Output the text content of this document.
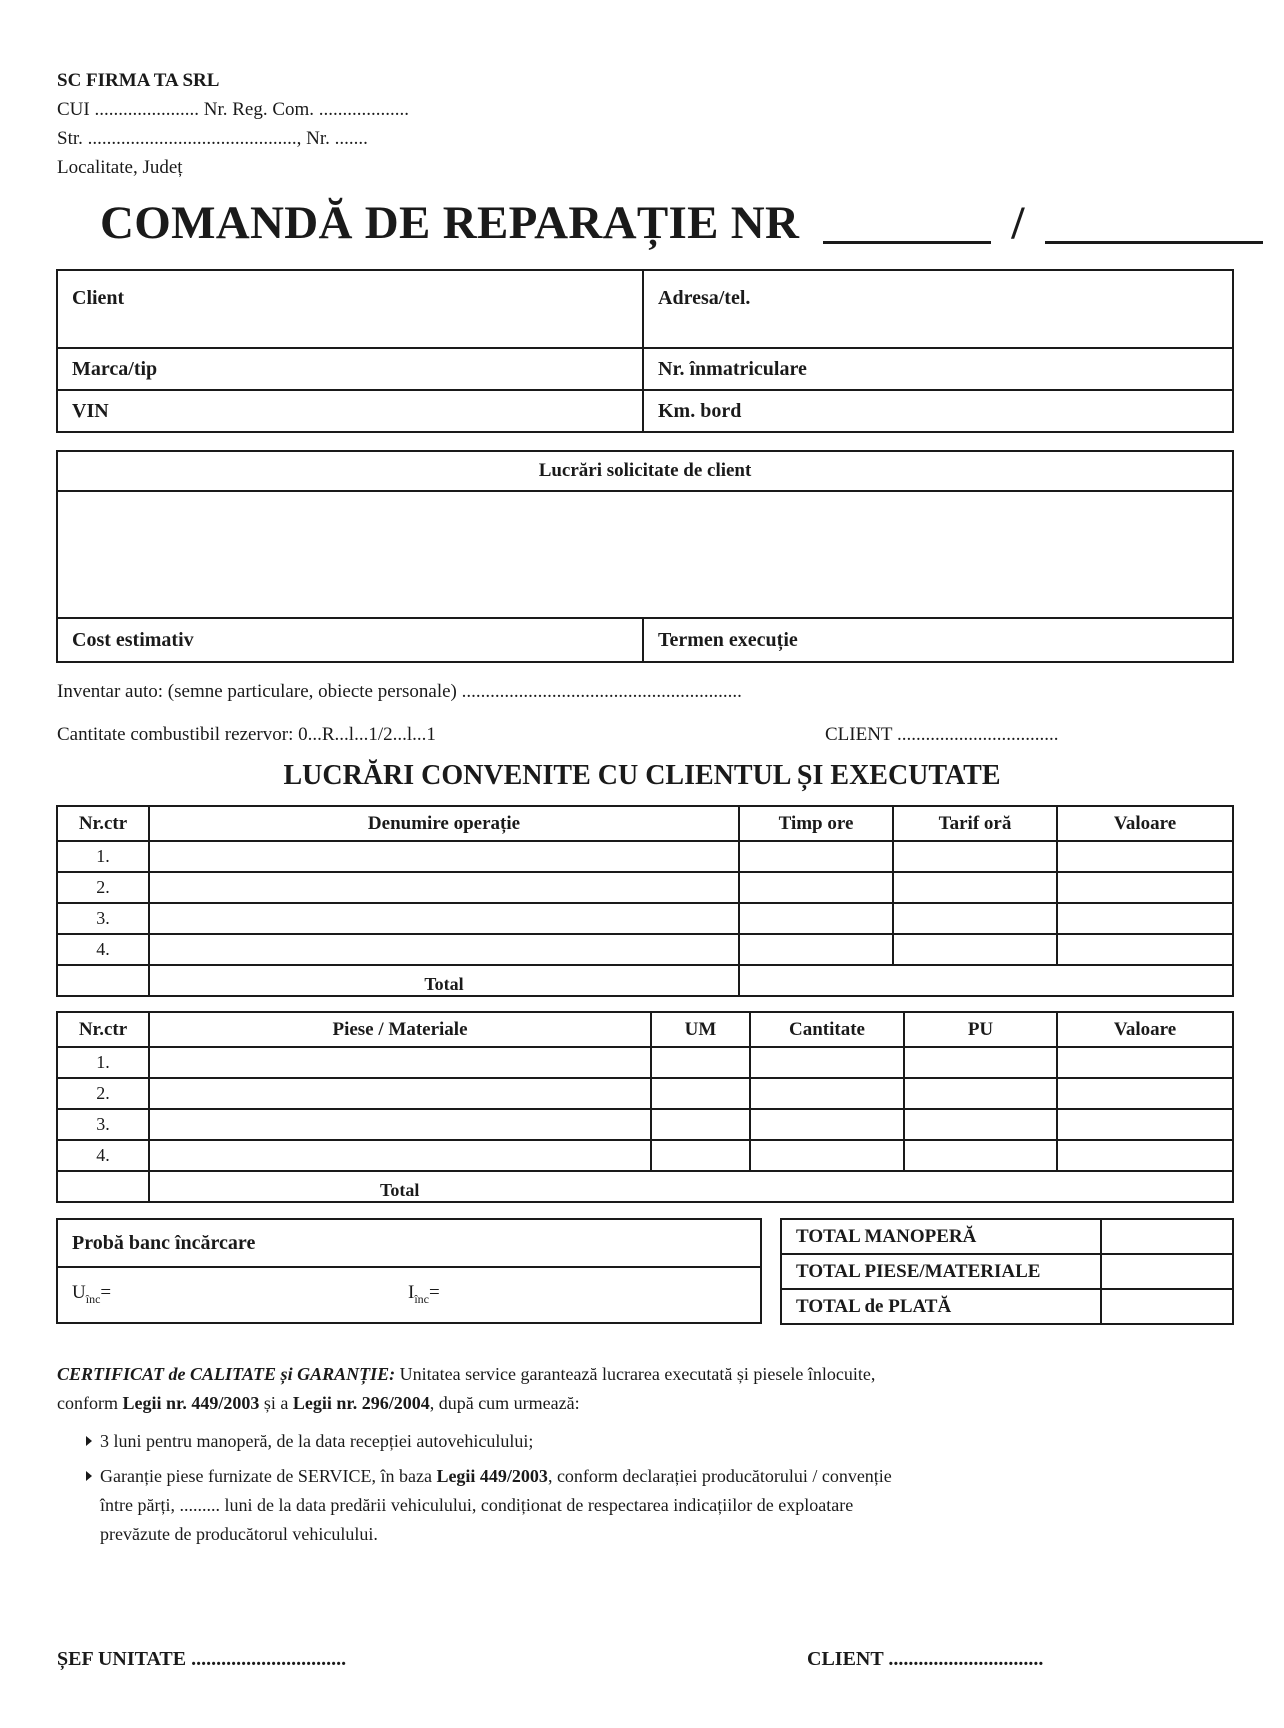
SC FIRMA TA SRL
CUI ...................... Nr. Reg. Com. ...................
Str. ............................................, Nr. .......
Localitate, Județ
COMANDĂ DE REPARAȚIE NR	/
Client	Adresa/tel.
Marca/tip	Nr. înmatriculare
VIN	Km. bord
Lucrări solicitate de client

Cost estimativ	Termen execuție
Inventar auto: (semne particulare, obiecte personale) ...........................................................
Cantitate combustibil rezervor: 0...R...l...1/2...l...1	CLIENT ..................................
LUCRĂRI CONVENITE CU CLIENTUL ȘI EXECUTATE
Nr.ctr	Denumire operație	Timp ore	Tarif oră	Valoare
1.				
2.				
3.				
4.				
	Total			
Nr.ctr	Piese / Materiale	UM	Cantitate	PU	Valoare
1.					
2.					
3.					
4.					
	Total				
Probă banc încărcare

$U_{înc}=$	$I_{înc}=$
TOTAL MANOPERĂ	
TOTAL PIESE/MATERIALE	
TOTAL de PLATĂ	
CERTIFICAT de CALITATE și GARANȚIE: Unitatea service garantează lucrarea executată și piesele înlocuite, conform Legii nr. 449/2003 și a Legii nr. 296/2004, după cum urmează:
3 luni pentru manoperă, de la data recepției autovehiculului;
Garanție piese furnizate de SERVICE, în baza Legii 449/2003, conform declarației producătorului / convenție între părți, ......... luni de la data predării vehiculului, condiționat de respectarea indicațiilor de exploatare prevăzute de producătorul vehiculului.
ȘEF UNITATE ...............................	CLIENT ...............................
